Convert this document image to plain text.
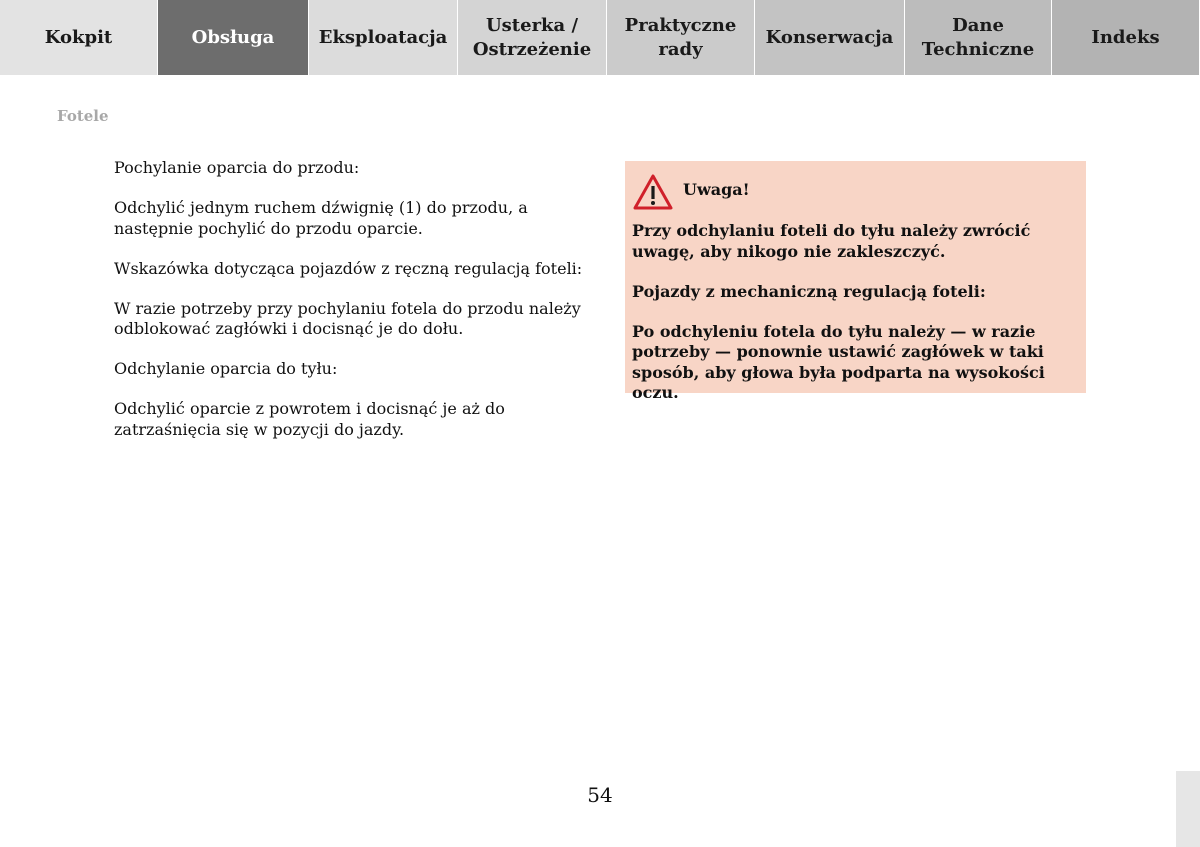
Kokpit	Obsługa	Eksploatacja
Usterka /
Ostrzeżenie
Praktyczne
rady
Konserwacja
Dane
Techniczne
Indeks
Fotele

Pochylanie oparcia do przodu:

Odchylić jednym ruchem dźwignię (1) do przodu, a następnie pochylić do przodu oparcie.

Wskazówka dotycząca pojazdów z ręczną regulacją foteli:

W razie potrzeby przy pochylaniu fotela do przodu należy odblokować zagłówki i docisnąć je do dołu.

Odchylanie oparcia do tyłu:

Odchylić oparcie z powrotem i docisnąć je aż do zatrzaśnięcia się w pozycji do jazdy.

Uwaga!

Przy odchylaniu foteli do tyłu należy zwrócić uwagę, aby nikogo nie zakleszczyć.

Pojazdy z mechaniczną regulacją foteli:

Po odchyleniu fotela do tyłu należy — w razie potrzeby — ponownie ustawić zagłówek w taki sposób, aby głowa była podparta na wysokości oczu.

54
